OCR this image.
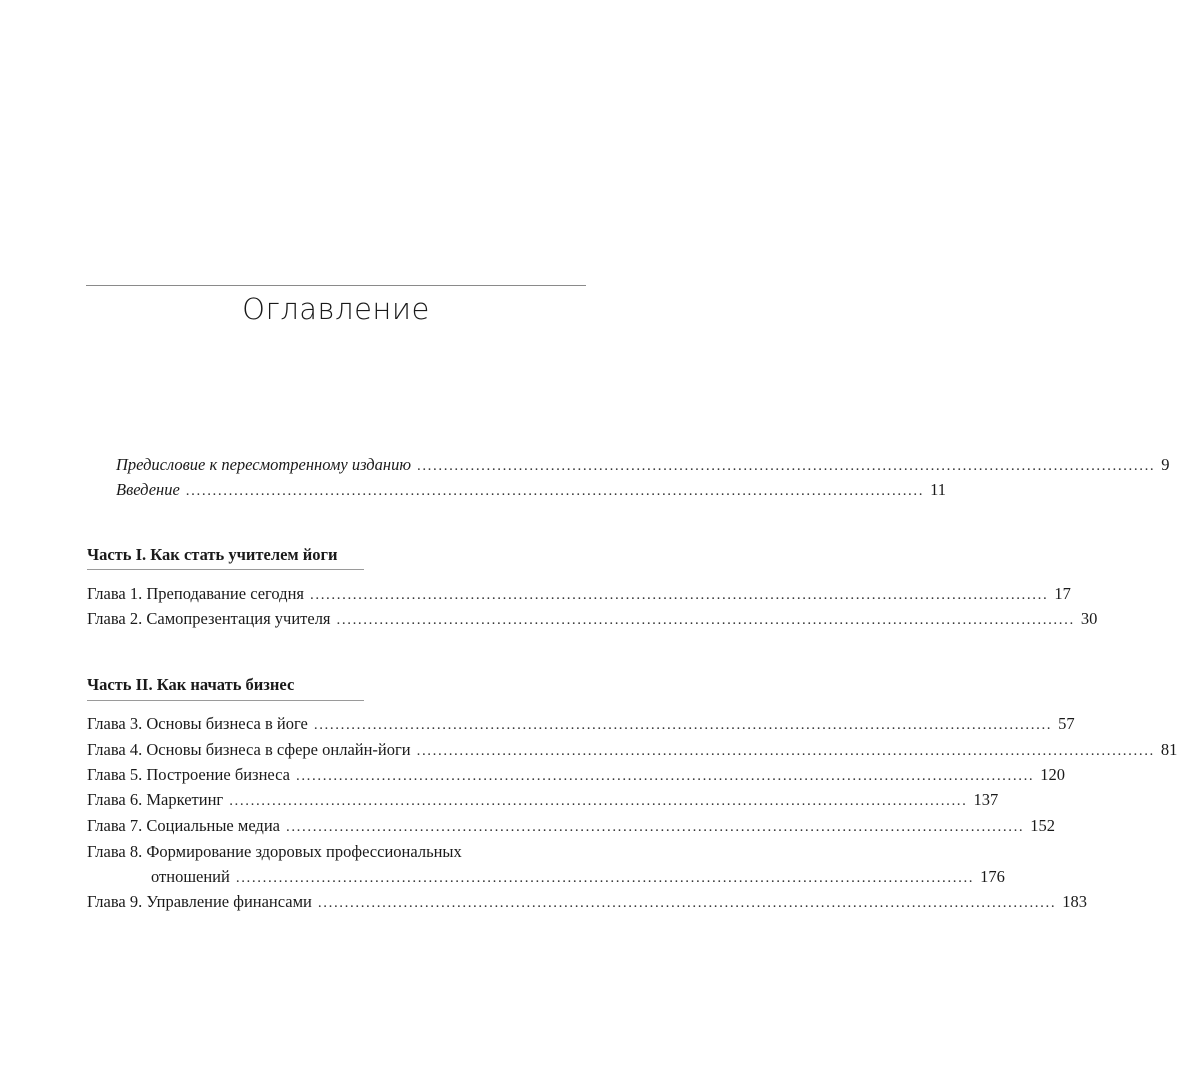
Оглавление
Предисловие к пересмотренному изданию .......................................................................................................................................... 9
Введение .......................................................................................................................................... 11
Часть I. Как стать учителем йоги
Глава 1. Преподавание сегодня .......................................................................................................................................... 17
Глава 2. Самопрезентация учителя .......................................................................................................................................... 30
Часть II. Как начать бизнес
Глава 3. Основы бизнеса в йоге .......................................................................................................................................... 57
Глава 4. Основы бизнеса в сфере онлайн-йоги .......................................................................................................................................... 81
Глава 5. Построение бизнеса .......................................................................................................................................... 120
Глава 6. Маркетинг .......................................................................................................................................... 137
Глава 7. Социальные медиа .......................................................................................................................................... 152
Глава 8. Формирование здоровых профессиональных
отношений .......................................................................................................................................... 176
Глава 9. Управление финансами .......................................................................................................................................... 183
